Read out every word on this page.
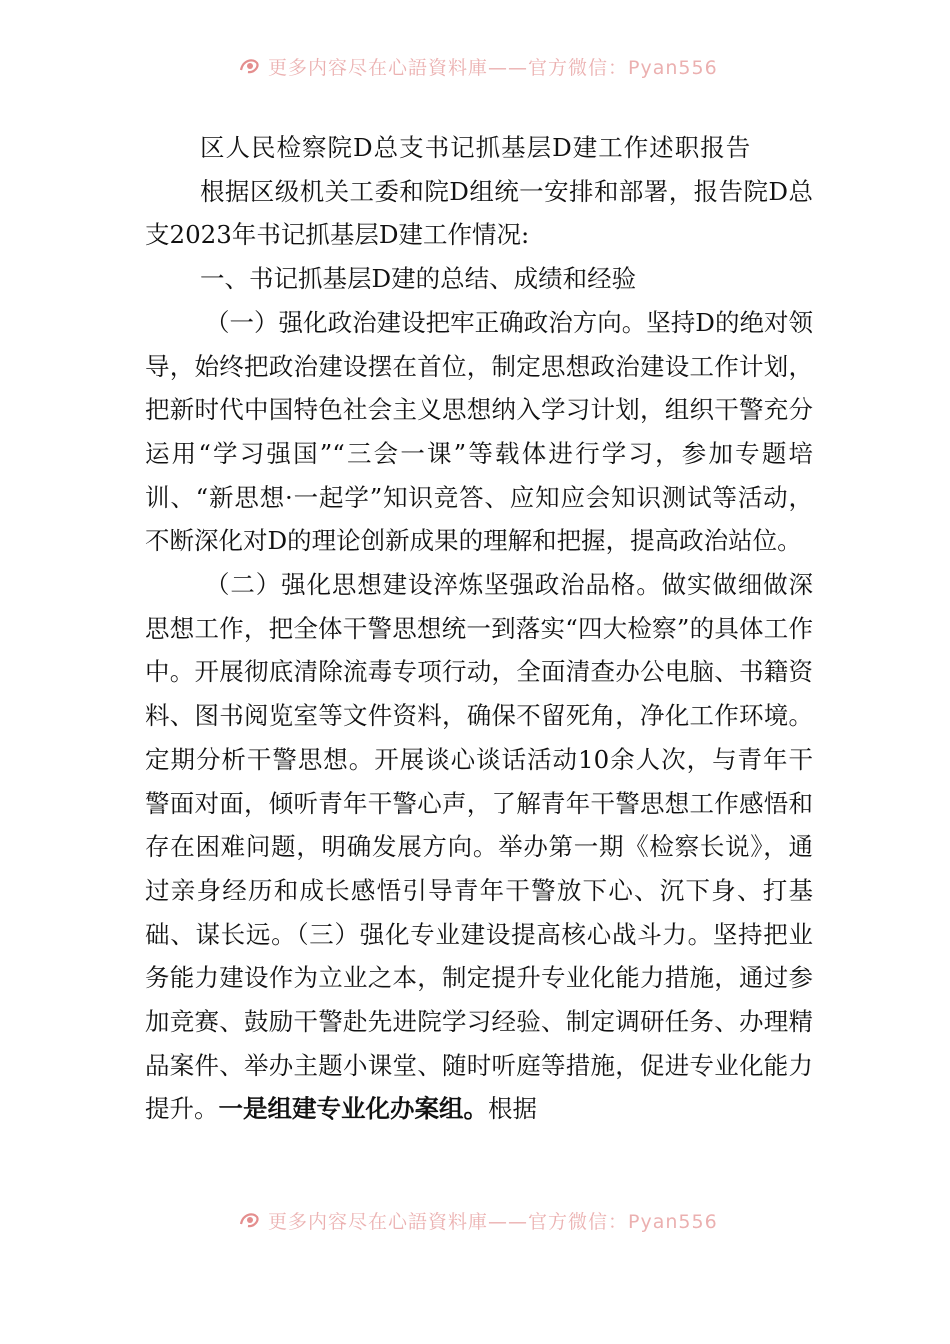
更多内容尽在心語資料庫——官方微信：Pyan556

区人民检察院D总支书记抓基层D建工作述职报告

根据区级机关工委和院D组统一安排和部署，报告院D总支2023年书记抓基层D建工作情况:

一、书记抓基层D建的总结、成绩和经验

（一）强化政治建设把牢正确政治方向。坚持D的绝对领导，始终把政治建设摆在首位，制定思想政治建设工作计划，把新时代中国特色社会主义思想纳入学习计划，组织干警充分运用“学习强国”“三会一课”等载体进行学习，参加专题培训、“新思想·一起学”知识竞答、应知应会知识测试等活动，不断深化对D的理论创新成果的理解和把握，提高政治站位。

（二）强化思想建设淬炼坚强政治品格。做实做细做深思想工作，把全体干警思想统一到落实“四大检察”的具体工作中。开展彻底清除流毒专项行动，全面清查办公电脑、书籍资料、图书阅览室等文件资料，确保不留死角，净化工作环境。定期分析干警思想。开展谈心谈话活动10余人次，与青年干警面对面，倾听青年干警心声，了解青年干警思想工作感悟和存在困难问题，明确发展方向。举办第一期《检察长说》，通过亲身经历和成长感悟引导青年干警放下心、沉下身、打基础、谋长远。（三）强化专业建设提高核心战斗力。坚持把业务能力建设作为立业之本，制定提升专业化能力措施，通过参加竞赛、鼓励干警赴先进院学习经验、制定调研任务、办理精品案件、举办主题小课堂、随时听庭等措施，促进专业化能力提升。一是组建专业化办案组。根据

更多内容尽在心語資料庫——官方微信：Pyan556
